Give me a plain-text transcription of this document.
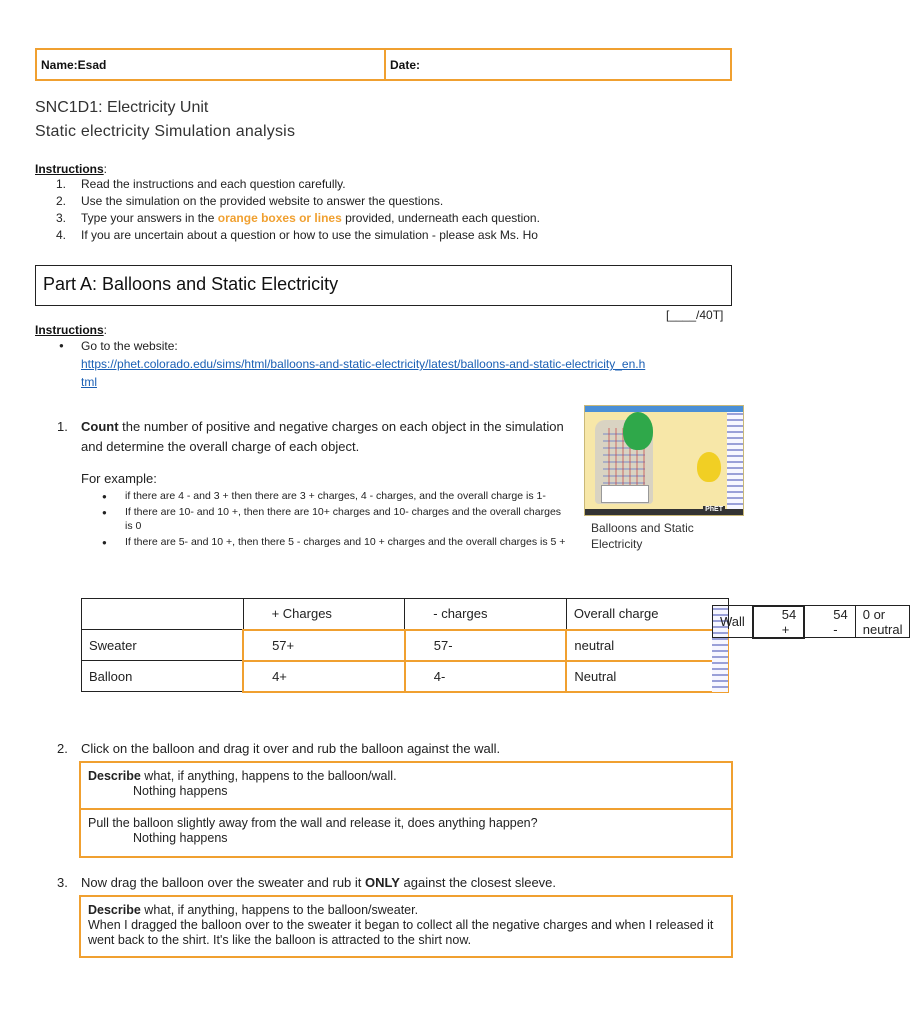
Name:Esad	Date:
SNC1D1: Electricity Unit
Static electricity Simulation analysis
Instructions:
1. Read the instructions and each question carefully.
2. Use the simulation on the provided website to answer the questions.
3. Type your answers in the orange boxes or lines provided, underneath each question.
4. If you are uncertain about a question or how to use the simulation - please ask Ms. Ho
Part A: Balloons and Static Electricity
[____/40T]
Instructions:
● Go to the website:
https://phet.colorado.edu/sims/html/balloons-and-static-electricity/latest/balloons-and-static-electricity_en.h
tml
1.	Count the number of positive and negative charges on each object in the simulation and determine the overall charge of each object.
For example:
● if there are 4 - and 3 + then there are 3 + charges, 4 - charges, and the overall charge is 1-
● If there are 10- and 10 +, then there are 10+ charges and 10- charges and the overall charges is 0
● If there are 5- and 10 +, then there 5 - charges and 10 + charges and the overall charges is 5 +
PhET
Balloons and Static Electricity
	+ Charges	- charges	Overall charge
Sweater	57+	57-	neutral
Balloon	4+	4-	Neutral

Wall	54 +	54 -	0 or neutral
2.	Click on the balloon and drag it over and rub the balloon against the wall.
Describe what, if anything, happens to the balloon/wall.
Nothing happens
Pull the balloon slightly away from the wall and release it, does anything happen?
Nothing happens
3.	Now drag the balloon over the sweater and rub it ONLY against the closest sleeve.
Describe what, if anything, happens to the balloon/sweater.
When I dragged the balloon over to the sweater it began to collect all the negative charges and when I released it went back to the shirt. It's like the balloon is attracted to the shirt now.
